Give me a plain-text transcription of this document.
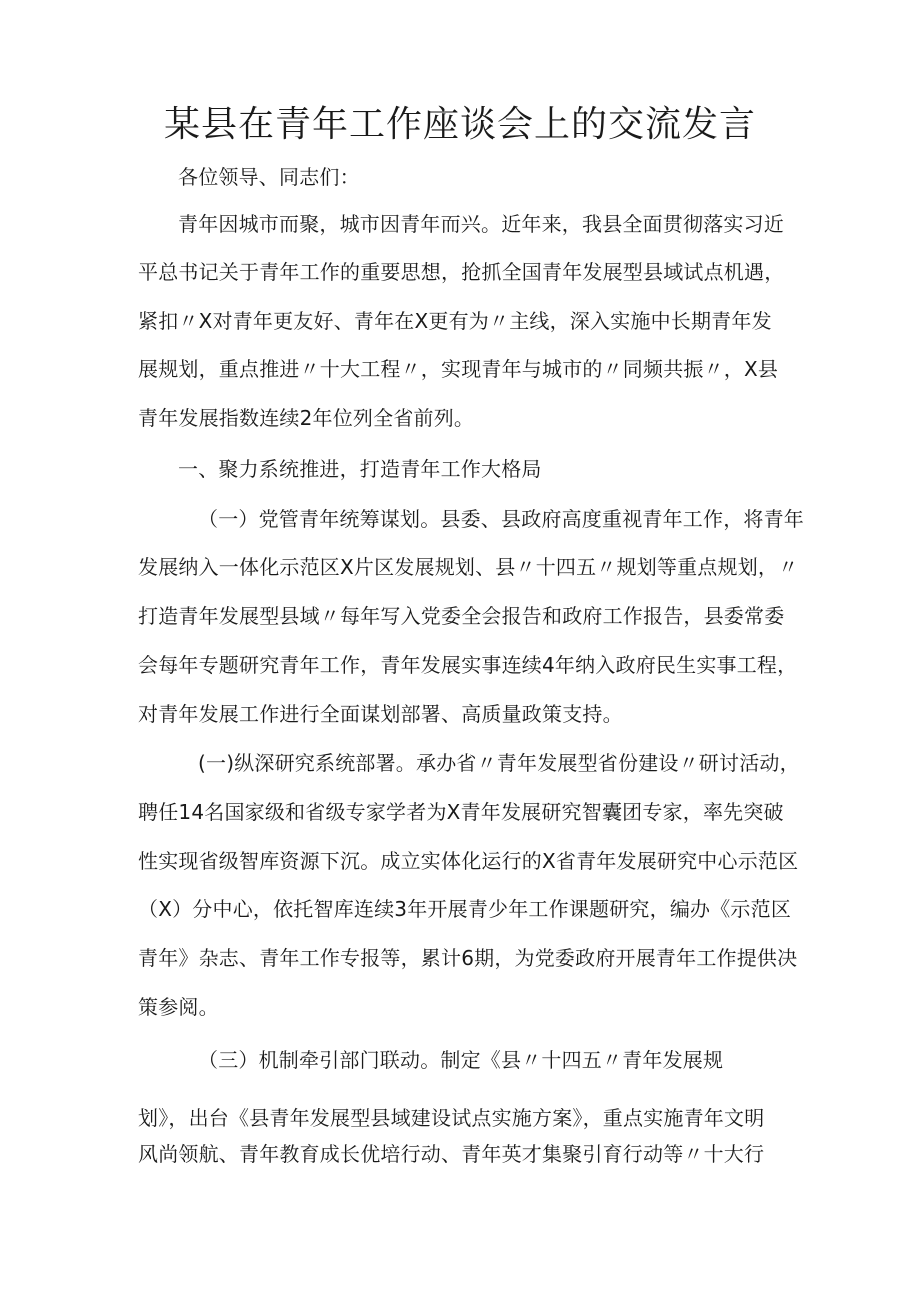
某县在青年工作座谈会上的交流发言

各位领导、同志们：

青年因城市而聚，城市因青年而兴。近年来，我县全面贯彻落实习近

平总书记关于青年工作的重要思想，抢抓全国青年发展型县域试点机遇，

紧扣〃X对青年更友好、青年在X更有为〃主线，深入实施中长期青年发

展规划，重点推进〃十大工程〃，实现青年与城市的〃同频共振〃，X县

青年发展指数连续2年位列全省前列。

一、聚力系统推进，打造青年工作大格局

（一）党管青年统筹谋划。县委、县政府高度重视青年工作，将青年

发展纳入一体化示范区X片区发展规划、县〃十四五〃规划等重点规划，〃

打造青年发展型县域〃每年写入党委全会报告和政府工作报告，县委常委

会每年专题研究青年工作，青年发展实事连续4年纳入政府民生实事工程，

对青年发展工作进行全面谋划部署、高质量政策支持。

(一)纵深研究系统部署。承办省〃青年发展型省份建设〃研讨活动，

聘任14名国家级和省级专家学者为X青年发展研究智囊团专家，率先突破

性实现省级智库资源下沉。成立实体化运行的X省青年发展研究中心示范区

（X）分中心，依托智库连续3年开展青少年工作课题研究，编办《示范区

青年》杂志、青年工作专报等，累计6期，为党委政府开展青年工作提供决

策参阅。

（三）机制牵引部门联动。制定《县〃十四五〃青年发展规

划》，出台《县青年发展型县域建设试点实施方案》，重点实施青年文明

风尚领航、青年教育成长优培行动、青年英才集聚引育行动等〃十大行
